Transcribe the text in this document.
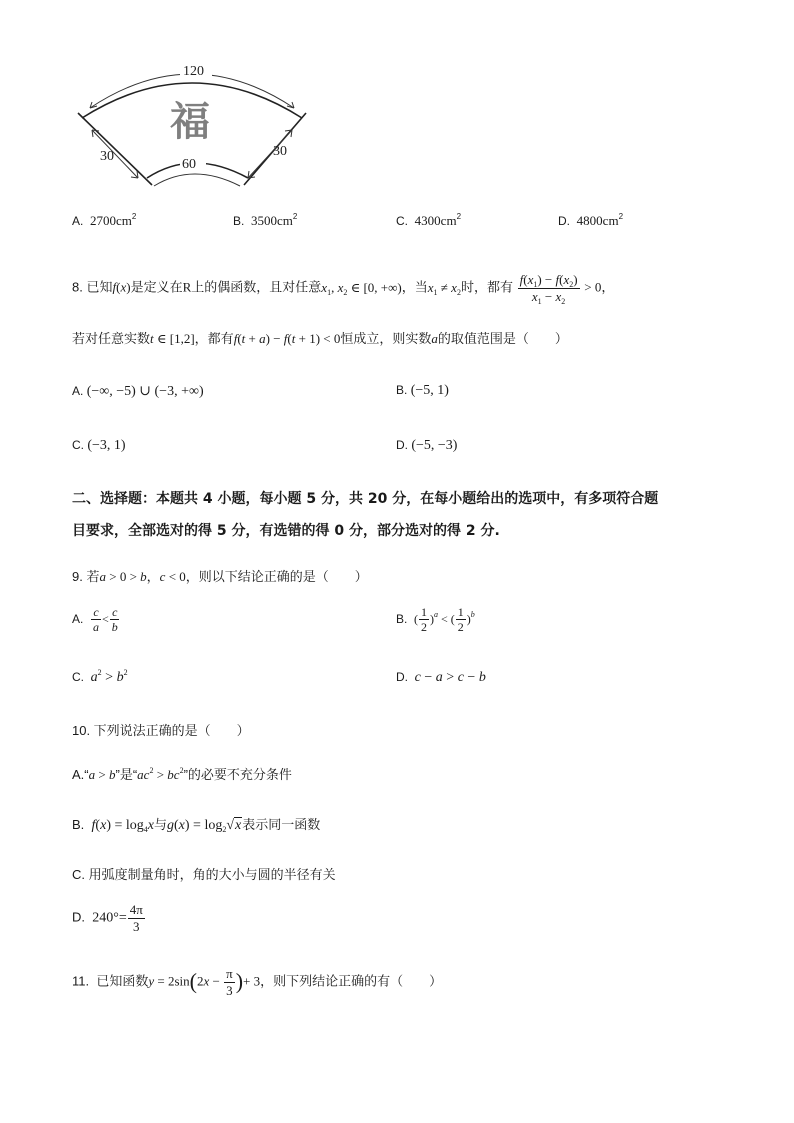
120
60
30	30
福
A. $2700cm^2$	B. $3500cm^2$	C. $4300cm^2$	D. $4800cm^2$
8. 已知f(x)是定义在R上的偶函数，且对任意$x_1$, $x_2$ ∈ [0, +∞)，当$x_1 \ne x_2$时，都有 $\frac{f(x_1) - f(x_2)}{x_1 - x_2} > 0$，
若对任意实数t ∈ [1,2]，都有f(t + a) − f(t + 1) < 0恒成立，则实数a的取值范围是（　　）
A. (−∞, −5) ∪ (−3, +∞)	B. (−5, 1)
C. (−3, 1)	D. (−5, −3)
二、选择题：本题共 4 小题，每小题 5 分，共 20 分，在每小题给出的选项中，有多项符合题
目要求，全部选对的得 5 分，有选错的得 0 分，部分选对的得 2 分.
9. 若a > 0 > b，c < 0，则以下结论正确的是（　　）
A. $\frac{c}{a} < \frac{c}{b}$	B. ( $\frac{1}{2} )^a$ < ( $\frac{1}{2} )^b$
C. $a^2 > b^2$	D. c − a > c − b
10. 下列说法正确的是（　　）
A.“a > b”是“$ac^2 > bc^2$”的必要不充分条件
B. $f(x) = \log_4x$与$g(x) = \log_2√x$表示同一函数
C. 用弧度制量角时，角的大小与圆的半径有关
D. $240^\circ= \frac{4\pi}{3}$
11. 已知函数$y = 2\sin(2x - \frac{\pi}{3}$ )+ 3，则下列结论正确的有（　　）
